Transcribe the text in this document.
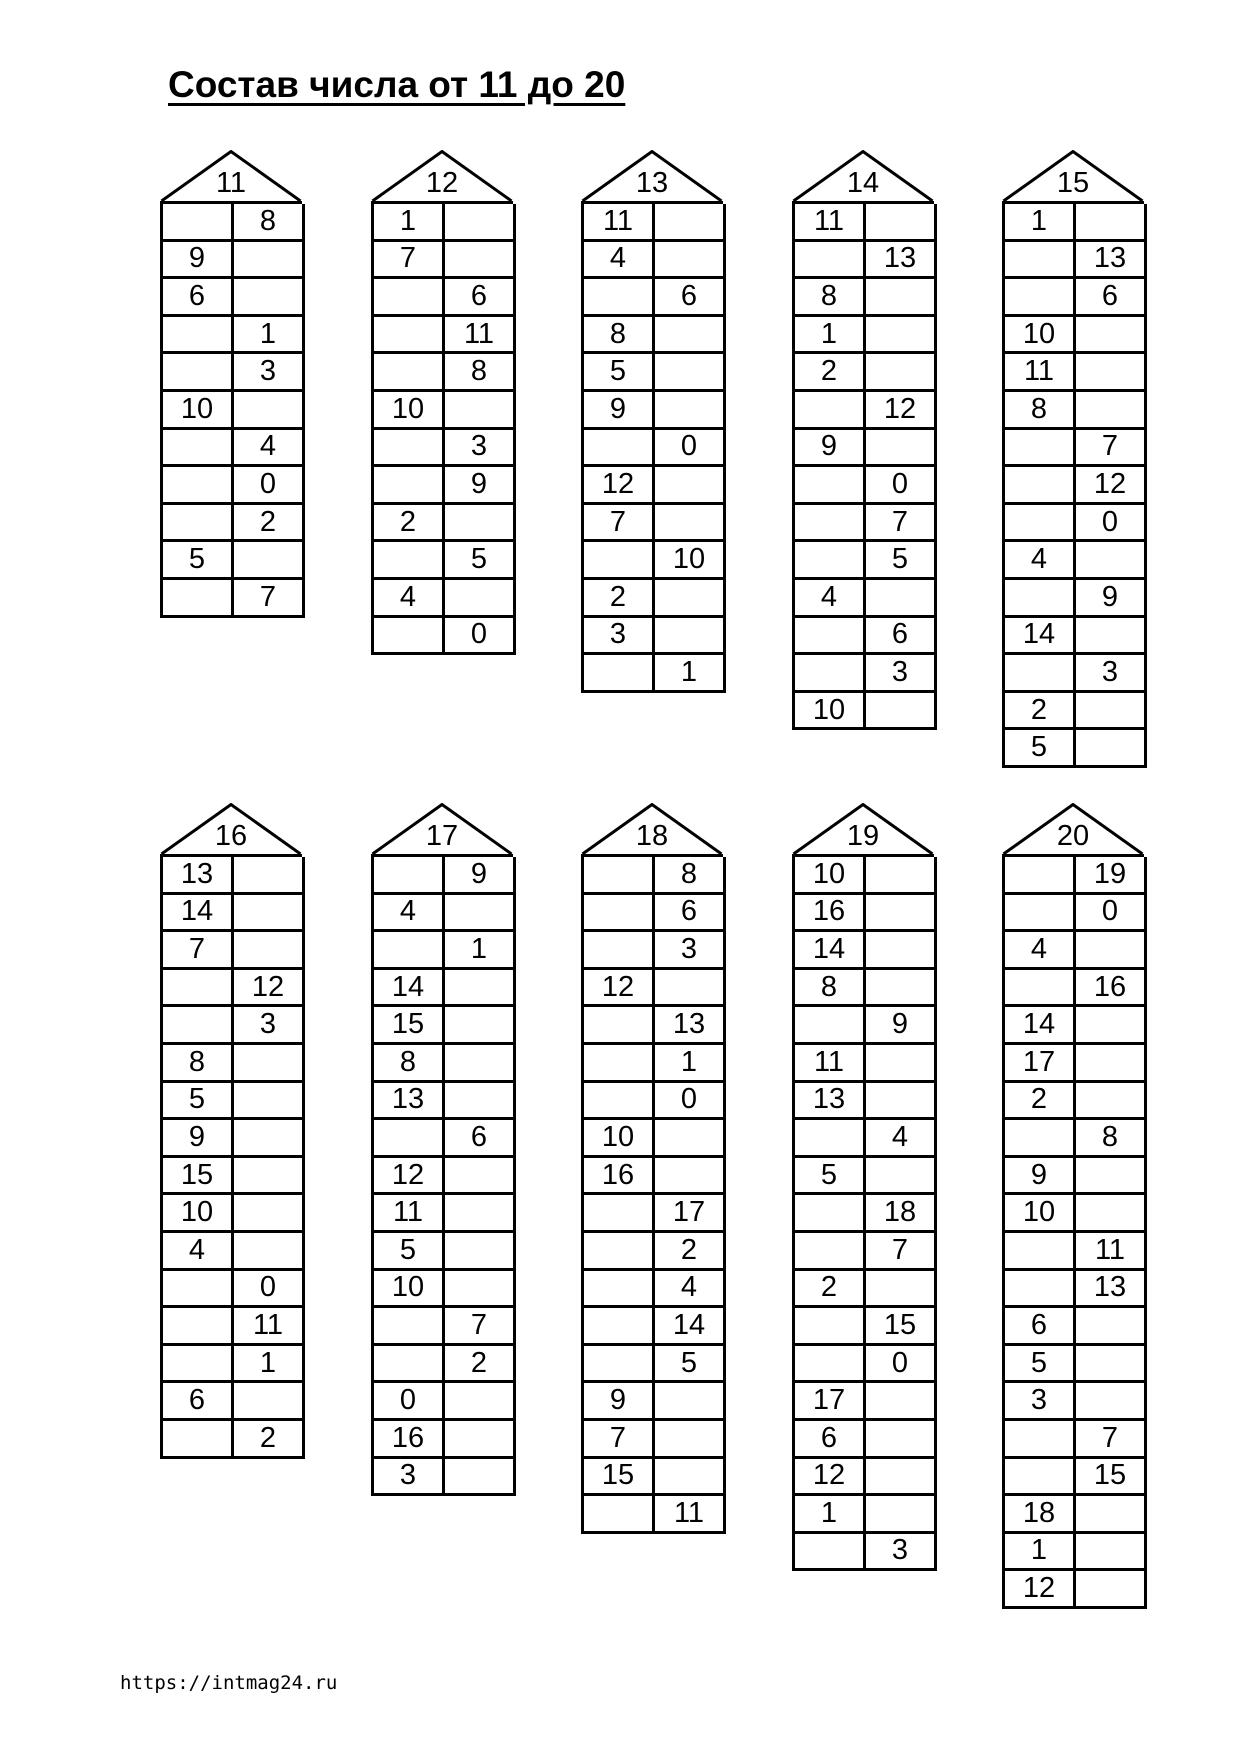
Состав числа от 11 до 20
11
8
9
6
1
3
10
4
0
2
5
7
12
1
7
6
11
8
10
3
9
2
5
4
0
13
11
4
6
8
5
9
0
12
7
10
2
3
1
14
11
13
8
1
2
12
9
0
7
5
4
6
3
10
15
1
13
6
10
11
8
7
12
0
4
9
14
3
2
5
16
13
14
7
12
3
8
5
9
15
10
4
0
11
1
6
2
17
9
4
1
14
15
8
13
6
12
11
5
10
7
2
0
16
3
18
8
6
3
12
13
1
0
10
16
17
2
4
14
5
9
7
15
11
19
10
16
14
8
9
11
13
4
5
18
7
2
15
0
17
6
12
1
3
20
19
0
4
16
14
17
2
8
9
10
11
13
6
5
3
7
15
18
1
12
https://intmag24.ru
